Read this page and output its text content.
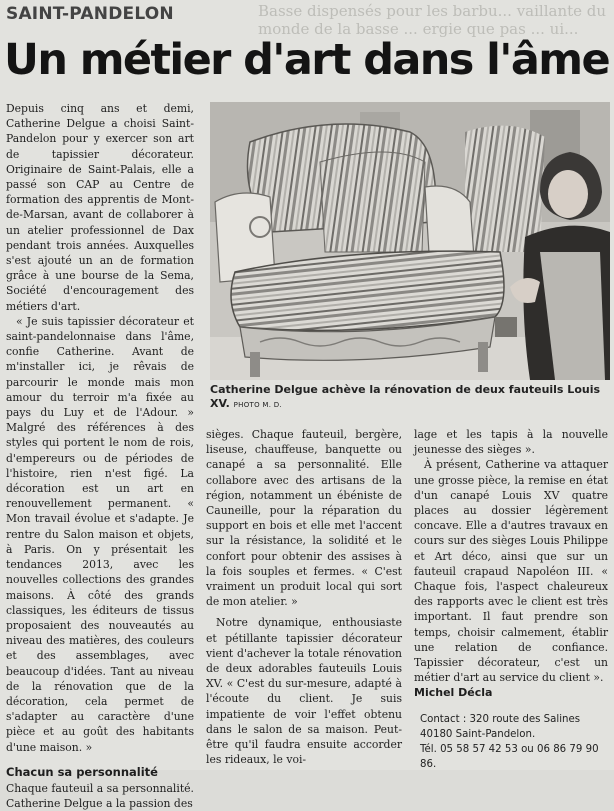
Basse dispensés pour les barbu... vaillante du monde de la basse ... ergie que pas ... ui...
SAINT-PANDELON
Un métier d'art dans l'âme

Depuis cinq ans et demi, Catherine Delgue a choisi Saint-Pandelon pour y exercer son art de tapissier décorateur. Originaire de Saint-Palais, elle a passé son CAP au Centre de formation des apprentis de Mont-de-Marsan, avant de collaborer à un atelier professionnel de Dax pendant trois années. Auxquelles s'est ajouté un an de formation grâce à une bourse de la Sema, Société d'encouragement des métiers d'art.

« Je suis tapissier décorateur et saint-pandelonnaise dans l'âme, confie Catherine. Avant de m'installer ici, je rêvais de parcourir le monde mais mon amour du terroir m'a fixée au pays du Luy et de l'Adour. » Malgré des références à des styles qui portent le nom de rois, d'empereurs ou de périodes de l'histoire, rien n'est figé. La décoration est un art en renouvellement permanent. « Mon travail évolue et s'adapte. Je rentre du Salon maison et objets, à Paris. On y présentait les tendances 2013, avec les nouvelles collections des grandes maisons. À côté des grands classiques, les éditeurs de tissus proposaient des nouveautés au niveau des matières, des couleurs et des assemblages, avec beaucoup d'idées. Tant au niveau de la rénovation que de la décoration, cela permet de s'adapter au caractère d'une pièce et au goût des habitants d'une maison. »

Chacun sa personnalité

Chaque fauteuil a sa personnalité. Catherine Delgue a la passion des

Catherine Delgue achève la rénovation de deux fauteuils Louis XV. PHOTO M. D.

sièges. Chaque fauteuil, bergère, liseuse, chauffeuse, banquette ou canapé a sa personnalité. Elle collabore avec des artisans de la région, notamment un ébéniste de Cauneille, pour la réparation du support en bois et elle met l'accent sur la résistance, la solidité et le confort pour obtenir des assises à la fois souples et fermes. « C'est vraiment un produit local qui sort de mon atelier. »

Notre dynamique, enthousiaste et pétillante tapissier décorateur vient d'achever la totale rénovation de deux adorables fauteuils Louis XV. « C'est du sur-mesure, adapté à l'écoute du client. Je suis impatiente de voir l'effet obtenu dans le salon de sa maison. Peut-être qu'il faudra ensuite accorder les rideaux, le voi-

lage et les tapis à la nouvelle jeunesse des sièges ».

À présent, Catherine va attaquer une grosse pièce, la remise en état d'un canapé Louis XV quatre places au dossier légèrement concave. Elle a d'autres travaux en cours sur des sièges Louis Philippe et Art déco, ainsi que sur un fauteuil crapaud Napoléon III. « Chaque fois, l'aspect chaleureux des rapports avec le client est très important. Il faut prendre son temps, choisir calmement, établir une relation de confiance. Tapissier décorateur, c'est un métier d'art au service du client ».

Michel Décla
Contact : 320 route des Salines
40180 Saint-Pandelon.
Tél. 05 58 57 42 53 ou 06 86 79 90 86.
